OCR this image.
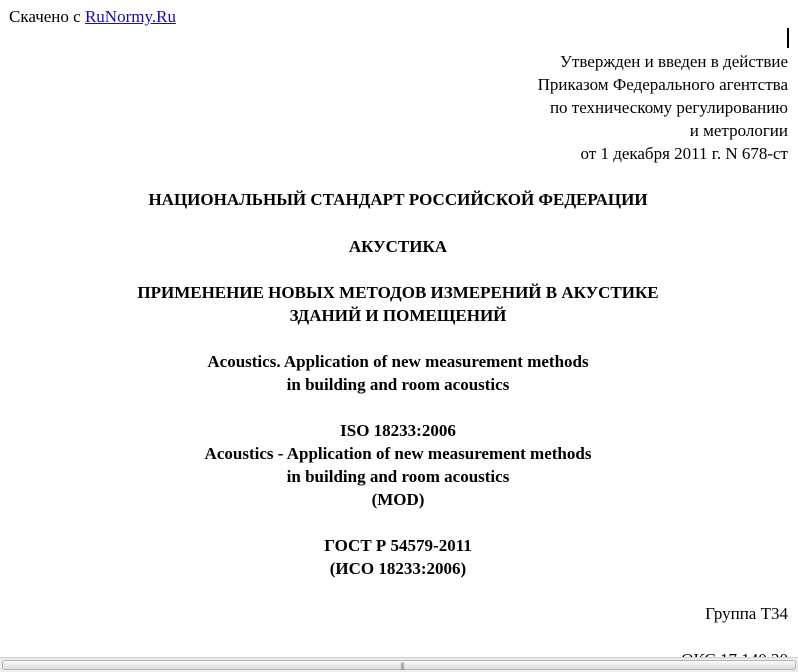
Скачено с RuNormy.Ru
Утвержден и введен в действие
Приказом Федерального агентства
по техническому регулированию
и метрологии
от 1 декабря 2011 г. N 678-ст
НАЦИОНАЛЬНЫЙ СТАНДАРТ РОССИЙСКОЙ ФЕДЕРАЦИИ
АКУСТИКА
ПРИМЕНЕНИЕ НОВЫХ МЕТОДОВ ИЗМЕРЕНИЙ В АКУСТИКЕ
ЗДАНИЙ И ПОМЕЩЕНИЙ
Acoustics. Application of new measurement methods
in building and room acoustics
ISO 18233:2006
Acoustics - Application of new measurement methods
in building and room acoustics
(MOD)
ГОСТ Р 54579-2011
(ИСО 18233:2006)
Группа Т34
|||
